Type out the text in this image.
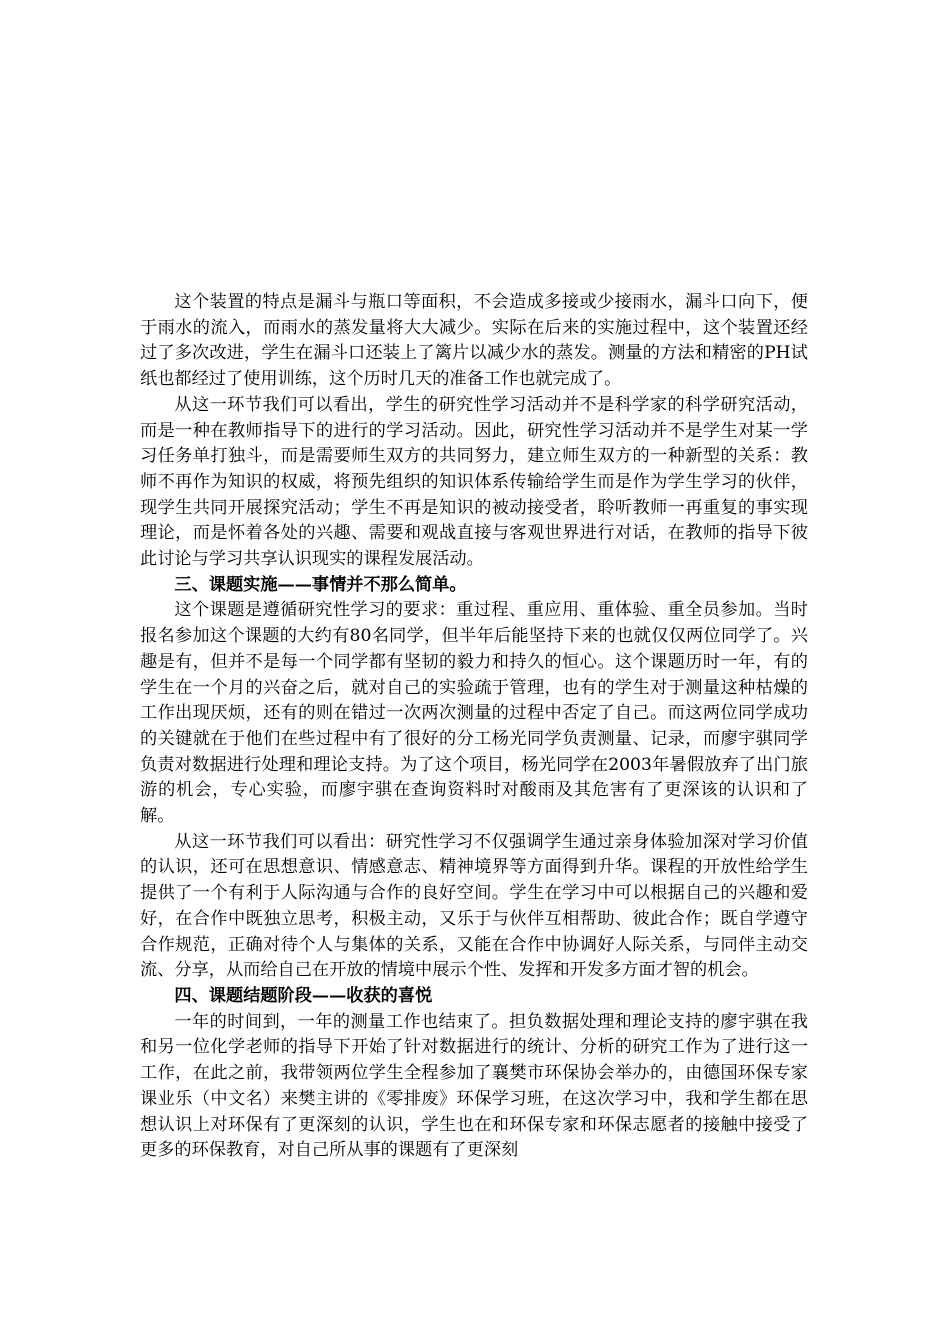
这个装置的特点是漏斗与瓶口等面积，不会造成多接或少接雨水，漏斗口向下，便于雨水的流入，而雨水的蒸发量将大大减少。实际在后来的实施过程中，这个装置还经过了多次改进，学生在漏斗口还装上了篱片以减少水的蒸发。测量的方法和精密的PH试纸也都经过了使用训练，这个历时几天的准备工作也就完成了。

从这一环节我们可以看出，学生的研究性学习活动并不是科学家的科学研究活动，而是一种在教师指导下的进行的学习活动。因此，研究性学习活动并不是学生对某一学习任务单打独斗，而是需要师生双方的共同努力，建立师生双方的一种新型的关系：教师不再作为知识的权威，将预先组织的知识体系传输给学生而是作为学生学习的伙伴，现学生共同开展探究活动；学生不再是知识的被动接受者，聆听教师一再重复的事实现理论，而是怀着各处的兴趣、需要和观战直接与客观世界进行对话，在教师的指导下彼此讨论与学习共享认识现实的课程发展活动。

三、课题实施——事情并不那么简单。

这个课题是遵循研究性学习的要求：重过程、重应用、重体验、重全员参加。当时报名参加这个课题的大约有80名同学，但半年后能坚持下来的也就仅仅两位同学了。兴趣是有，但并不是每一个同学都有坚韧的毅力和持久的恒心。这个课题历时一年，有的学生在一个月的兴奋之后，就对自己的实验疏于管理，也有的学生对于测量这种枯燥的工作出现厌烦，还有的则在错过一次两次测量的过程中否定了自己。而这两位同学成功的关键就在于他们在些过程中有了很好的分工杨光同学负责测量、记录，而廖宇骐同学负责对数据进行处理和理论支持。为了这个项目，杨光同学在2003年暑假放弃了出门旅游的机会，专心实验，而廖宇骐在查询资料时对酸雨及其危害有了更深该的认识和了解。

从这一环节我们可以看出：研究性学习不仅强调学生通过亲身体验加深对学习价值的认识，还可在思想意识、情感意志、精神境界等方面得到升华。课程的开放性给学生提供了一个有利于人际沟通与合作的良好空间。学生在学习中可以根据自己的兴趣和爱好，在合作中既独立思考，积极主动，又乐于与伙伴互相帮助、彼此合作；既自学遵守合作规范，正确对待个人与集体的关系，又能在合作中协调好人际关系，与同伴主动交流、分享，从而给自己在开放的情境中展示个性、发挥和开发多方面才智的机会。

四、课题结题阶段——收获的喜悦

一年的时间到，一年的测量工作也结束了。担负数据处理和理论支持的廖宇骐在我和另一位化学老师的指导下开始了针对数据进行的统计、分析的研究工作为了进行这一工作，在此之前，我带领两位学生全程参加了襄樊市环保协会举办的，由德国环保专家课业乐（中文名）来樊主讲的《零排废》环保学习班，在这次学习中，我和学生都在思想认识上对环保有了更深刻的认识，学生也在和环保专家和环保志愿者的接触中接受了更多的环保教育，对自己所从事的课题有了更深刻
